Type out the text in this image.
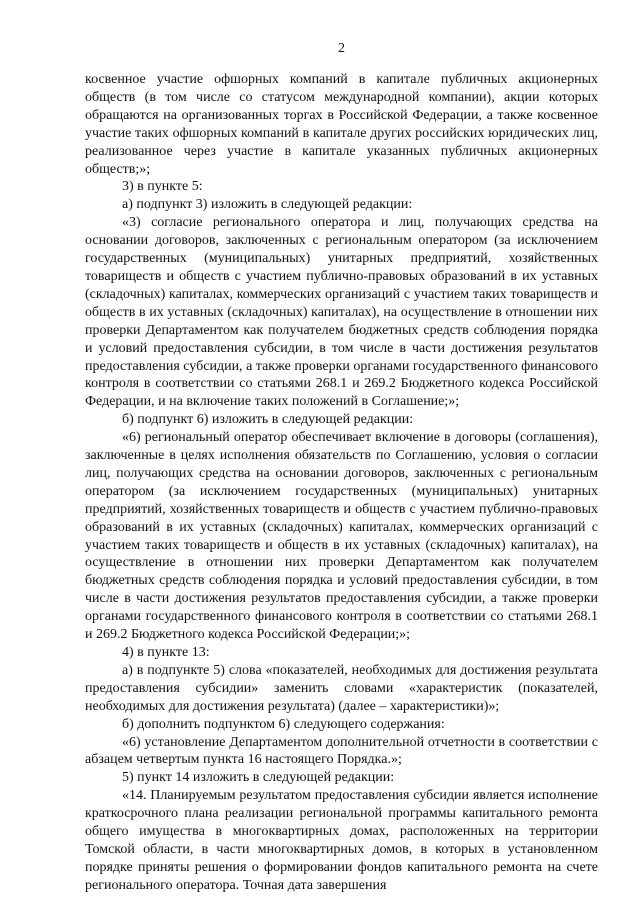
2

косвенное участие офшорных компаний в капитале публичных акционерных обществ (в том числе со статусом международной компании), акции которых обращаются на организованных торгах в Российской Федерации, а также косвенное участие таких офшорных компаний в капитале других российских юридических лиц, реализованное через участие в капитале указанных публичных акционерных обществ;»;

3) в пункте 5:

а) подпункт 3) изложить в следующей редакции:

«3) согласие регионального оператора и лиц, получающих средства на основании договоров, заключенных с региональным оператором (за исключением государственных (муниципальных) унитарных предприятий, хозяйственных товариществ и обществ с участием публично-правовых образований в их уставных (складочных) капиталах, коммерческих организаций с участием таких товариществ и обществ в их уставных (складочных) капиталах), на осуществление в отношении них проверки Департаментом как получателем бюджетных средств соблюдения порядка и условий предоставления субсидии, в том числе в части достижения результатов предоставления субсидии, а также проверки органами государственного финансового контроля в соответствии со статьями 268.1 и 269.2 Бюджетного кодекса Российской Федерации, и на включение таких положений в Соглашение;»;

б) подпункт 6) изложить в следующей редакции:

«6) региональный оператор обеспечивает включение в договоры (соглашения), заключенные в целях исполнения обязательств по Соглашению, условия о согласии лиц, получающих средства на основании договоров, заключенных с региональным оператором (за исключением государственных (муниципальных) унитарных предприятий, хозяйственных товариществ и обществ с участием публично-правовых образований в их уставных (складочных) капиталах, коммерческих организаций с участием таких товариществ и обществ в их уставных (складочных) капиталах), на осуществление в отношении них проверки Департаментом как получателем бюджетных средств соблюдения порядка и условий предоставления субсидии, в том числе в части достижения результатов предоставления субсидии, а также проверки органами государственного финансового контроля в соответствии со статьями 268.1 и 269.2 Бюджетного кодекса Российской Федерации;»;

4) в пункте 13:

а) в подпункте 5) слова «показателей, необходимых для достижения результата предоставления субсидии» заменить словами «характеристик (показателей, необходимых для достижения результата) (далее – характеристики)»;

б) дополнить подпунктом 6) следующего содержания:

«6) установление Департаментом дополнительной отчетности в соответствии с абзацем четвертым пункта 16 настоящего Порядка.»;

5) пункт 14 изложить в следующей редакции:

«14. Планируемым результатом предоставления субсидии является исполнение краткосрочного плана реализации региональной программы капитального ремонта общего имущества в многоквартирных домах, расположенных на территории Томской области, в части многоквартирных домов, в которых в установленном порядке приняты решения о формировании фондов капитального ремонта на счете регионального оператора. Точная дата завершения
